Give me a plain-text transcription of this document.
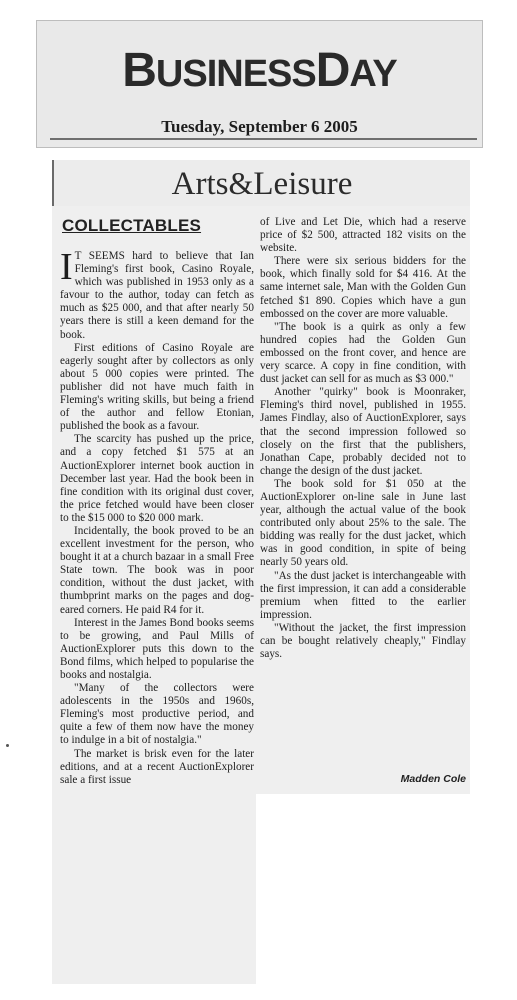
BUSINESSDAY
Tuesday, September 6 2005
Arts&Leisure
COLLECTABLES

I T SEEMS hard to believe that Ian Fleming's first book, Casino Royale, which was published in 1953 only as a favour to the author, today can fetch as much as $25 000, and that after nearly 50 years there is still a keen demand for the book.

First editions of Casino Royale are eagerly sought after by collectors as only about 5 000 copies were printed. The publisher did not have much faith in Fleming's writing skills, but being a friend of the author and fellow Etonian, published the book as a favour.

The scarcity has pushed up the price, and a copy fetched $1 575 at an AuctionExplorer internet book auction in December last year. Had the book been in fine condition with its original dust cover, the price fetched would have been closer to the $15 000 to $20 000 mark.

Incidentally, the book proved to be an excellent investment for the person, who bought it at a church bazaar in a small Free State town. The book was in poor condition, without the dust jacket, with thumbprint marks on the pages and dog-eared corners. He paid R4 for it.

Interest in the James Bond books seems to be growing, and Paul Mills of AuctionExplorer puts this down to the Bond films, which helped to popularise the books and nostalgia.

"Many of the collectors were adolescents in the 1950s and 1960s, Fleming's most productive period, and quite a few of them now have the money to indulge in a bit of nostalgia."

The market is brisk even for the later editions, and at a recent AuctionExplorer sale a first issue

of Live and Let Die, which had a reserve price of $2 500, attracted 182 visits on the website.

There were six serious bidders for the book, which finally sold for $4 416. At the same internet sale, Man with the Golden Gun fetched $1 890. Copies which have a gun embossed on the cover are more valuable.

"The book is a quirk as only a few hundred copies had the Golden Gun embossed on the front cover, and hence are very scarce. A copy in fine condition, with dust jacket can sell for as much as $3 000."

Another "quirky" book is Moonraker, Fleming's third novel, published in 1955. James Findlay, also of AuctionExplorer, says that the second impression followed so closely on the first that the publishers, Jonathan Cape, probably decided not to change the design of the dust jacket.

The book sold for $1 050 at the AuctionExplorer on-line sale in June last year, although the actual value of the book contributed only about 25% to the sale. The bidding was really for the dust jacket, which was in good condition, in spite of being nearly 50 years old.

"As the dust jacket is interchangeable with the first impression, it can add a considerable premium when fitted to the earlier impression.

"Without the jacket, the first impression can be bought relatively cheaply," Findlay says.

Madden Cole
